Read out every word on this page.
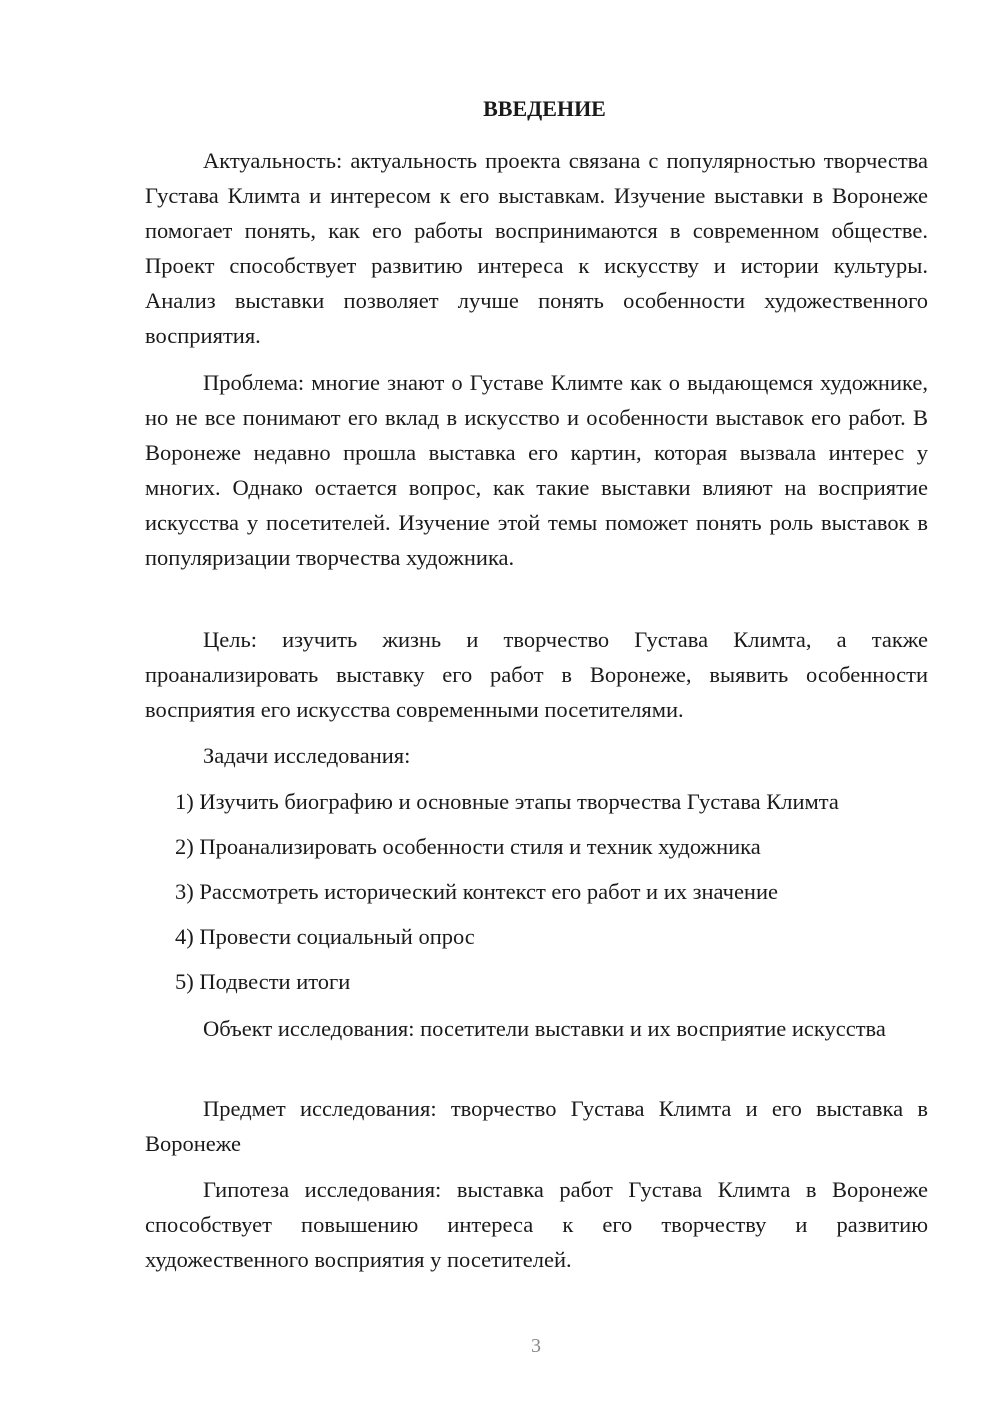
ВВЕДЕНИЕ

Актуальность: актуальность проекта связана с популярностью творчества Густава Климта и интересом к его выставкам. Изучение выставки в Воронеже помогает понять, как его работы воспринимаются в современном обществе. Проект способствует развитию интереса к искусству и истории культуры. Анализ выставки позволяет лучше понять особенности художественного восприятия.

Проблема: многие знают о Густаве Климте как о выдающемся художнике, но не все понимают его вклад в искусство и особенности выставок его работ. В Воронеже недавно прошла выставка его картин, которая вызвала интерес у многих. Однако остается вопрос, как такие выставки влияют на восприятие искусства у посетителей. Изучение этой темы поможет понять роль выставок в популяризации творчества художника.

Цель: изучить жизнь и творчество Густава Климта, а также проанализировать выставку его работ в Воронеже, выявить особенности восприятия его искусства современными посетителями.

Задачи исследования:

1) Изучить биографию и основные этапы творчества Густава Климта

2) Проанализировать особенности стиля и техник художника

3) Рассмотреть исторический контекст его работ и их значение

4) Провести социальный опрос

5) Подвести итоги

Объект исследования: посетители выставки и их восприятие искусства

Предмет исследования: творчество Густава Климта и его выставка в Воронеже

Гипотеза исследования: выставка работ Густава Климта в Воронеже способствует повышению интереса к его творчеству и развитию художественного восприятия у посетителей.

3
